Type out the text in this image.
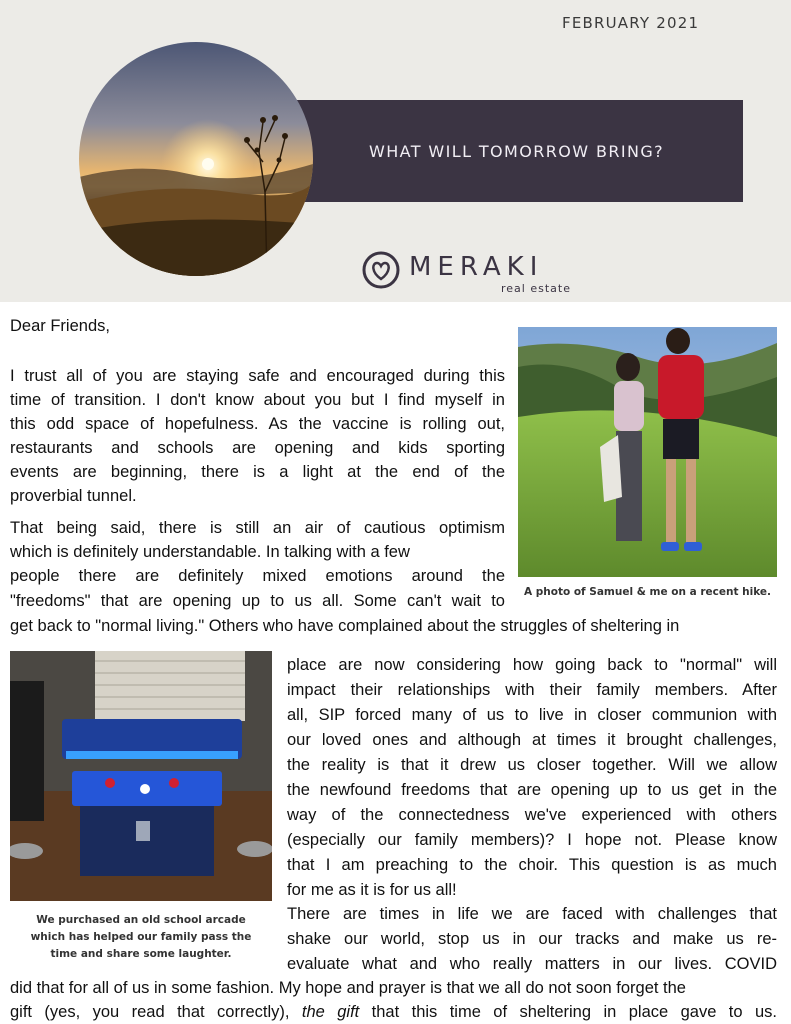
FEBRUARY 2021
WHAT WILL TOMORROW BRING?
MERAKI
real estate

Dear Friends,

I trust all of you are staying safe and encouraged during this

time of transition. I don't know about you but I find myself in

this odd space of hopefulness. As the vaccine is rolling out,

restaurants and schools are opening and kids sporting

events are beginning, there is a light at the end of the

proverbial tunnel.

That being said, there is still an air of cautious optimism

which is definitely understandable. In talking with a few

people there are definitely mixed emotions around the

"freedoms" that are opening up to us all. Some can't wait to

get back to "normal living." Others who have complained about the struggles of sheltering in

place are now considering how going back to "normal" will

impact their relationships with their family members. After

all, SIP forced many of us to live in closer communion with

our loved ones and although at times it brought challenges,

the reality is that it drew us closer together. Will we allow

the newfound freedoms that are opening up to us get in the

way of the connectedness we've experienced with others

(especially our family members)? I hope not. Please know

that I am preaching to the choir. This question is as much

for me as it is for us all!

There are times in life we are faced with challenges that

shake our world, stop us in our tracks and make us re-

evaluate what and who really matters in our lives. COVID

did that for all of us in some fashion. My hope and prayer is that we all do not soon forget the

gift (yes, you read that correctly), the gift that this time of sheltering in place gave to us.

A photo of Samuel & me on a recent hike.

We purchased an old school arcade

which has helped our family pass the

time and share some laughter.
